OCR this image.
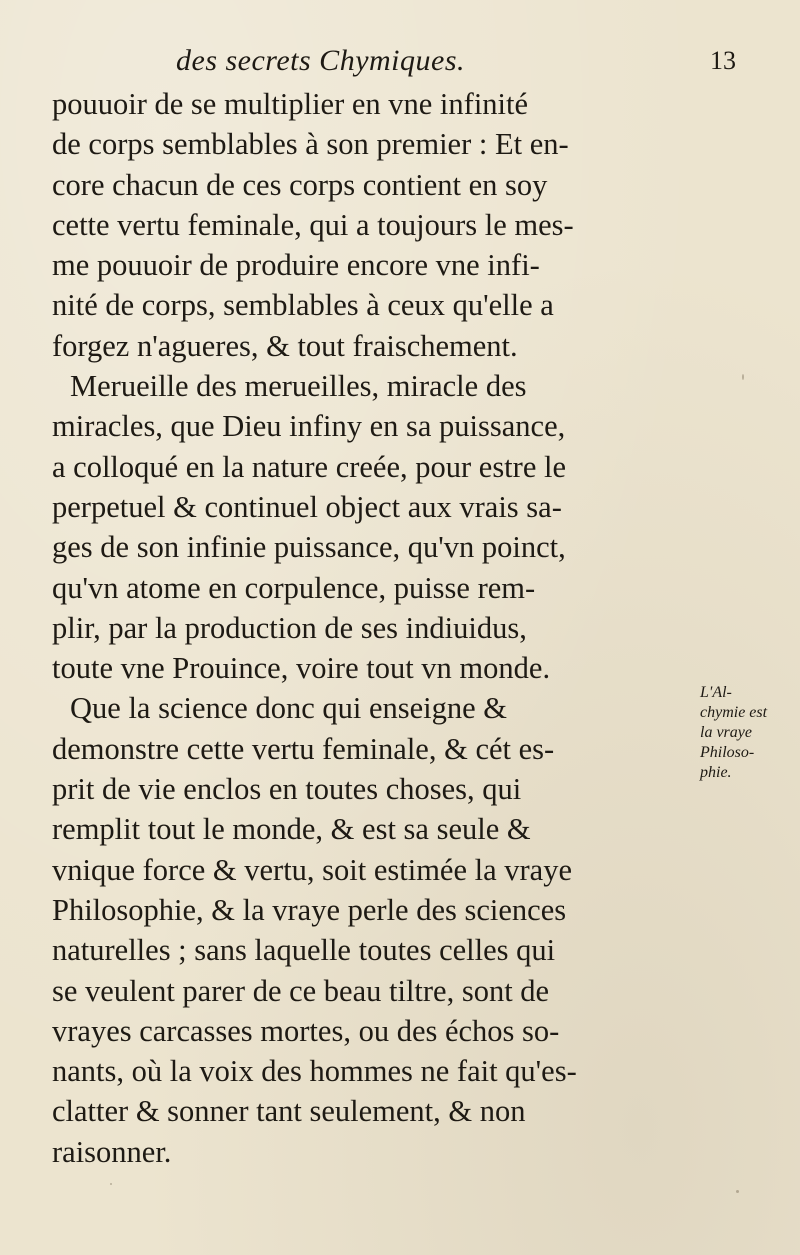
des secrets Chymiques.	13
pouuoir de se multiplier en vne infinité
de corps semblables à son premier : Et en-
core chacun de ces corps contient en soy
cette vertu feminale, qui a toujours le mes-
me pouuoir de produire encore vne infi-
nité de corps, semblables à ceux qu'elle a
forgez n'agueres, & tout fraischement.
Merueille des merueilles, miracle des
miracles, que Dieu infiny en sa puissance,
a colloqué en la nature creée, pour estre le
perpetuel & continuel object aux vrais sa-
ges de son infinie puissance, qu'vn poinct,
qu'vn atome en corpulence, puisse rem-
plir, par la production de ses indiuidus,
toute vne Prouince, voire tout vn monde.
Que la science donc qui enseigne &
demonstre cette vertu feminale, & cét es-
prit de vie enclos en toutes choses, qui
remplit tout le monde, & est sa seule &
vnique force & vertu, soit estimée la vraye
Philosophie, & la vraye perle des sciences
naturelles ; sans laquelle toutes celles qui
se veulent parer de ce beau tiltre, sont de
vrayes carcasses mortes, ou des échos so-
nants, où la voix des hommes ne fait qu'es-
clatter & sonner tant seulement, & non
raisonner.
L'Al-
chymie est
la vraye
Philoso-
phie.
